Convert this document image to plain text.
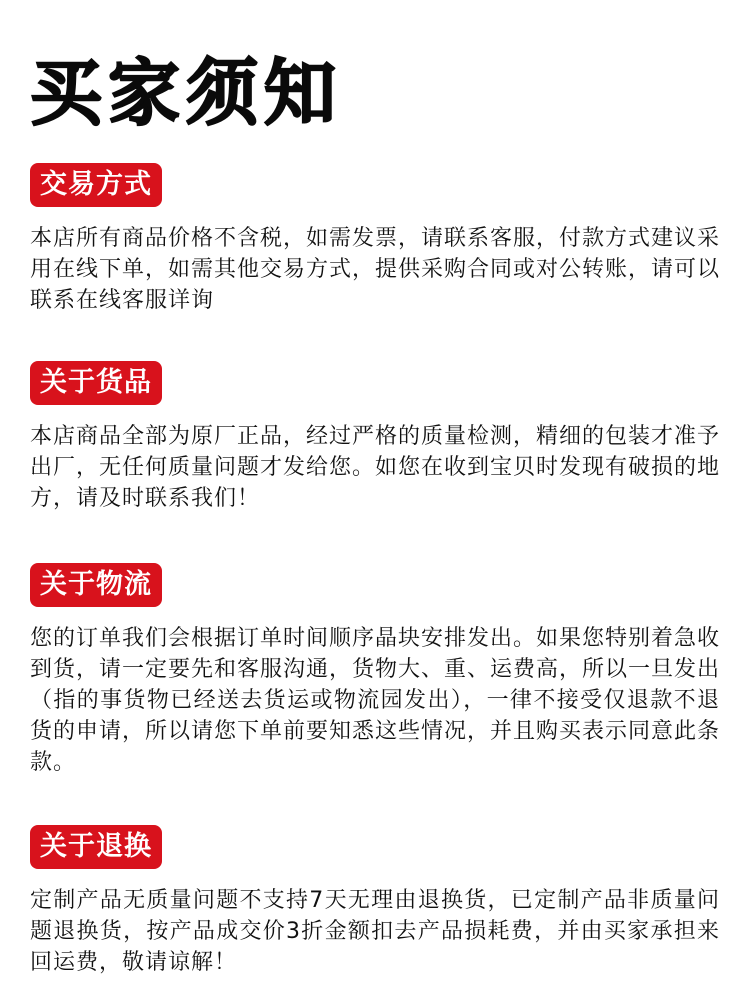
买家须知
交易方式
本店所有商品价格不含税，如需发票，请联系客服，付款方式建议采用在线下单，如需其他交易方式，提供采购合同或对公转账，请可以联系在线客服详询
关于货品
本店商品全部为原厂正品，经过严格的质量检测，精细的包装才准予出厂，无任何质量问题才发给您。如您在收到宝贝时发现有破损的地方，请及时联系我们！
关于物流
您的订单我们会根据订单时间顺序晶块安排发出。如果您特别着急收到货，请一定要先和客服沟通，货物大、重、运费高，所以一旦发出（指的事货物已经送去货运或物流园发出），一律不接受仅退款不退货的申请，所以请您下单前要知悉这些情况，并且购买表示同意此条款。
关于退换
定制产品无质量问题不支持7天无理由退换货，已定制产品非质量问题退换货，按产品成交价3折金额扣去产品损耗费，并由买家承担来回运费，敬请谅解！
